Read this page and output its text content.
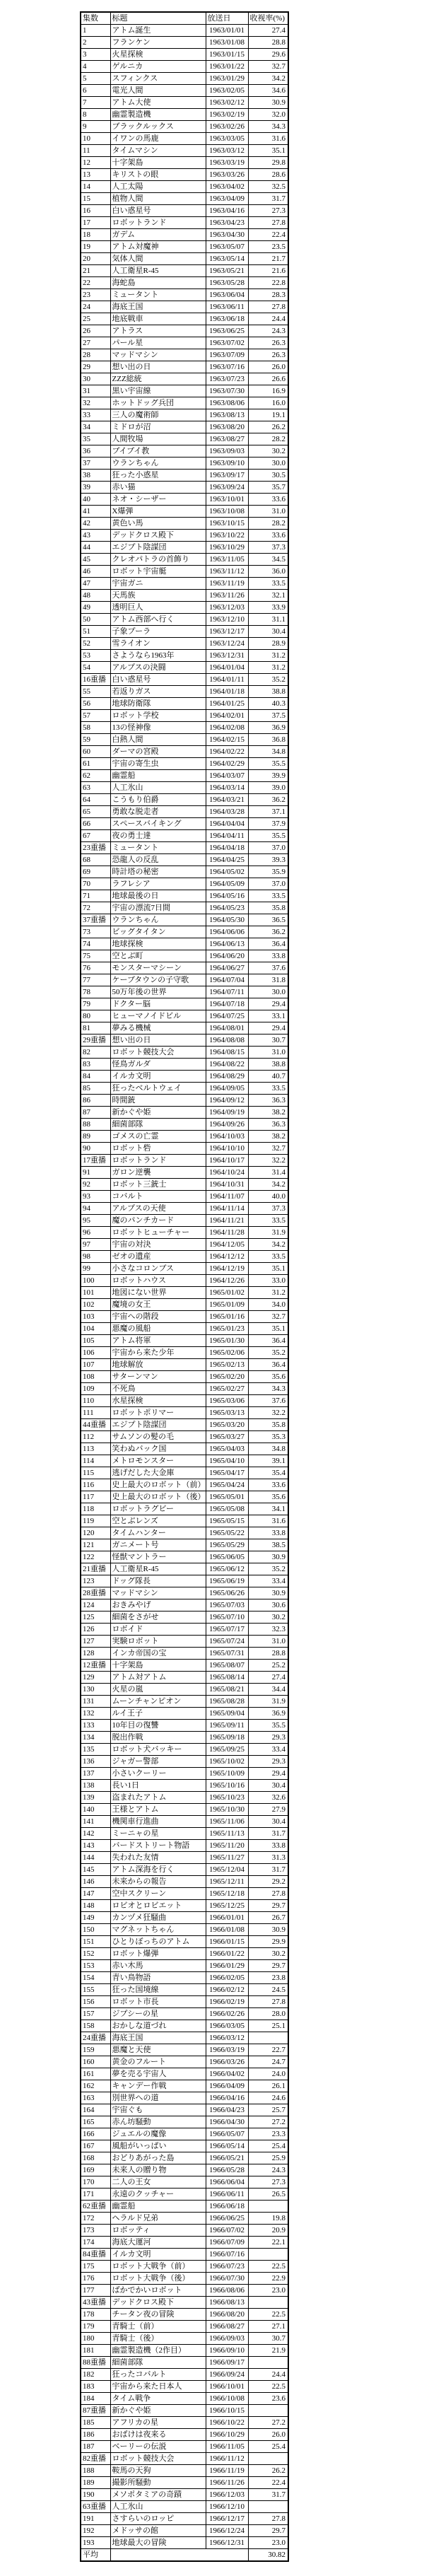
集数	标题	放送日	收视率(%)
1	アトム誕生	1963/01/01	27.4
2	フランケン	1963/01/08	28.8
3	火星探検	1963/01/15	29.6
4	ゲルニカ	1963/01/22	32.7
5	スフィンクス	1963/01/29	34.2
6	電光人間	1963/02/05	34.6
7	アトム大使	1963/02/12	30.9
8	幽霊製造機	1963/02/19	32.0
9	ブラックルックス	1963/02/26	34.3
10	イワンの馬鹿	1963/03/05	31.6
11	タイムマシン	1963/03/12	35.1
12	十字架島	1963/03/19	29.8
13	キリストの眼	1963/03/26	28.6
14	人工太陽	1963/04/02	32.5
15	植物人間	1963/04/09	31.7
16	白い惑星号	1963/04/16	27.3
17	ロボットランド	1963/04/23	27.8
18	ガデム	1963/04/30	22.4
19	アトム対魔神	1963/05/07	23.5
20	気体人間	1963/05/14	21.7
21	人工衛星R-45	1963/05/21	21.6
22	海蛇島	1963/05/28	22.8
23	ミュータント	1963/06/04	28.3
24	海底王国	1963/06/11	27.8
25	地底戦車	1963/06/18	24.4
26	アトラス	1963/06/25	24.3
27	パール星	1963/07/02	26.3
28	マッドマシン	1963/07/09	26.3
29	想い出の日	1963/07/16	26.0
30	ZZZ総統	1963/07/23	26.6
31	黒い宇宙線	1963/07/30	16.9
32	ホットドッグ兵団	1963/08/06	16.0
33	三人の魔術師	1963/08/13	19.1
34	ミドロが沼	1963/08/20	26.2
35	人間牧場	1963/08/27	28.2
36	プイプイ教	1963/09/03	30.2
37	ウランちゃん	1963/09/10	30.0
38	狂った小惑星	1963/09/17	30.5
39	赤い猫	1963/09/24	35.7
40	ネオ・シーザー	1963/10/01	33.6
41	X爆弾	1963/10/08	31.0
42	黄色い馬	1963/10/15	28.2
43	デッドクロス殿下	1963/10/22	33.6
44	エジプト陰謀団	1963/10/29	37.3
45	クレオパトラの首飾り	1963/11/05	34.5
46	ロボット宇宙艇	1963/11/12	36.0
47	宇宙ガニ	1963/11/19	33.5
48	天馬族	1963/11/26	32.1
49	透明巨人	1963/12/03	33.9
50	アトム西部へ行く	1963/12/10	31.1
51	子象プーラ	1963/12/17	30.4
52	雪ライオン	1963/12/24	28.9
53	さようなら1963年	1963/12/31	31.2
54	アルプスの決闘	1964/01/04	31.2
16重播	白い惑星号	1964/01/11	35.2
55	若返りガス	1964/01/18	38.8
56	地球防衛隊	1964/01/25	40.3
57	ロボット学校	1964/02/01	37.5
58	13の怪神像	1964/02/08	36.9
59	白熱人間	1964/02/15	36.8
60	ダーマの宮殿	1964/02/22	34.8
61	宇宙の寄生虫	1964/02/29	35.5
62	幽霊船	1964/03/07	39.9
63	人工氷山	1964/03/14	39.0
64	こうもり伯爵	1964/03/21	36.2
65	勇敢な脱走者	1964/03/28	37.1
66	スペースバイキング	1964/04/04	37.9
67	夜の勇士達	1964/04/11	35.5
23重播	ミュータント	1964/04/18	37.0
68	恐龍人の反乱	1964/04/25	39.3
69	時計塔の秘密	1964/05/02	35.9
70	ラフレシア	1964/05/09	37.0
71	地球最後の日	1964/05/16	33.5
72	宇宙の漂流7日間	1964/05/23	35.8
37重播	ウランちゃん	1964/05/30	36.5
73	ビッグタイタン	1964/06/06	36.2
74	地球探検	1964/06/13	36.4
75	空とぶ町	1964/06/20	33.8
76	モンスターマシーン	1964/06/27	37.6
77	ケープタウンの子守歌	1964/07/04	31.8
78	50万年後の世界	1964/07/11	30.0
79	ドクター脳	1964/07/18	29.4
80	ヒューマノイドビル	1964/07/25	33.1
81	夢みる機械	1964/08/01	29.4
29重播	想い出の日	1964/08/08	30.7
82	ロボット競技大会	1964/08/15	31.0
83	怪鳥ガルダ	1964/08/22	38.8
84	イルカ文明	1964/08/29	40.7
85	狂ったベルトウェイ	1964/09/05	33.5
86	時間銃	1964/09/12	36.3
87	新かぐや姫	1964/09/19	38.2
88	細菌部隊	1964/09/26	36.3
89	ゴメスの亡霊	1964/10/03	38.2
90	ロボット砦	1964/10/10	32.7
17重播	ロボットランド	1964/10/17	32.2
91	ガロン逆襲	1964/10/24	31.4
92	ロボット三銃士	1964/10/31	34.2
93	コバルト	1964/11/07	40.0
94	アルプスの天使	1964/11/14	37.3
95	魔のパンチカード	1964/11/21	33.5
96	ロボットヒューチャー	1964/11/28	31.9
97	宇宙の対決	1964/12/05	34.2
98	ゼオの遺産	1964/12/12	33.5
99	小さなコロンブス	1964/12/19	35.1
100	ロボットハウス	1964/12/26	33.0
101	地図にない世界	1965/01/02	31.2
102	魔境の女王	1965/01/09	34.0
103	宇宙への階段	1965/01/16	32.7
104	悪魔の風船	1965/01/23	35.1
105	アトム将軍	1965/01/30	36.4
106	宇宙から来た少年	1965/02/06	35.2
107	地球解放	1965/02/13	36.4
108	サターンマン	1965/02/20	35.6
109	不死鳥	1965/02/27	34.3
110	水星探検	1965/03/06	37.6
111	ロボットポリマー	1965/03/13	32.2
44重播	エジプト陰謀団	1965/03/20	35.8
112	サムソンの髪の毛	1965/03/27	35.3
113	笑わぬバック国	1965/04/03	34.8
114	メトロモンスター	1965/04/10	39.1
115	逃げだした大金庫	1965/04/17	35.4
116	史上最大のロボット（前）	1965/04/24	33.6
117	史上最大のロボット（後）	1965/05/01	35.6
118	ロボットラグビー	1965/05/08	34.1
119	空とぶレンズ	1965/05/15	31.6
120	タイムハンター	1965/05/22	33.8
121	ガニメート号	1965/05/29	38.5
122	怪獣マントラー	1965/06/05	30.9
21重播	人工衛星R-45	1965/06/12	35.2
123	ドッグ隊長	1965/06/19	33.4
28重播	マッドマシン	1965/06/26	30.9
124	おきみやげ	1965/07/03	30.6
125	細菌をさがせ	1965/07/10	30.2
126	ロボイド	1965/07/17	32.3
127	実験ロボット	1965/07/24	31.0
128	インカ帝国の宝	1965/07/31	28.8
12重播	十字架島	1965/08/07	25.2
129	アトム対アトム	1965/08/14	27.4
130	火星の嵐	1965/08/21	34.4
131	ムーンチャンピオン	1965/08/28	31.9
132	ルイ王子	1965/09/04	36.9
133	10年目の復讐	1965/09/11	35.5
134	脱出作戦	1965/09/18	29.3
135	ロボット犬バッキー	1965/09/25	33.4
136	ジャガー警部	1965/10/02	29.3
137	小さいクーリー	1965/10/09	29.4
138	長い1日	1965/10/16	30.4
139	盗まれたアトム	1965/10/23	32.6
140	王様とアトム	1965/10/30	27.9
141	機関車行進曲	1965/11/06	30.4
142	ミーニャの星	1965/11/13	31.7
143	バードストリート物語	1965/11/20	33.8
144	失われた友情	1965/11/27	31.3
145	アトム深海を行く	1965/12/04	31.7
146	未来からの報告	1965/12/11	29.2
147	空中スクリーン	1965/12/18	27.8
148	ロビオとロビエット	1965/12/25	29.7
149	カンヅメ狂騒曲	1966/01/01	26.7
150	マグネットちゃん	1966/01/08	30.9
151	ひとりぼっちのアトム	1966/01/15	29.9
152	ロボット爆弾	1966/01/22	30.2
153	赤い木馬	1966/01/29	29.7
154	青い鳥物語	1966/02/05	23.8
155	狂った国境線	1966/02/12	24.5
156	ロボット市長	1966/02/19	27.8
157	ジプシーの星	1966/02/26	28.0
158	おかしな道づれ	1966/03/05	25.1
24重播	海底王国	1966/03/12	
159	悪魔と天使	1966/03/19	22.7
160	黄金のフルート	1966/03/26	24.7
161	夢を売る宇宙人	1966/04/02	24.0
162	キャンデー作戦	1966/04/09	26.1
163	別世界への道	1966/04/16	24.6
164	宇宙ぐも	1966/04/23	25.7
165	赤ん坊騒動	1966/04/30	27.2
166	ジュエルの魔像	1966/05/07	23.3
167	風船がいっぱい	1966/05/14	25.4
168	おどりあがった島	1966/05/21	25.9
169	未来人の贈り物	1966/05/28	24.3
170	二人の王女	1966/06/04	27.3
171	永遠のクッチャー	1966/06/11	26.5
62重播	幽霊船	1966/06/18	
172	ヘラルド兄弟	1966/06/25	19.8
173	ロボッティ	1966/07/02	20.9
174	海底大運河	1966/07/09	22.1
84重播	イルカ文明	1966/07/16	
175	ロボット大戦争（前）	1966/07/23	22.5
176	ロボット大戦争（後）	1966/07/30	22.9
177	ばかでかいロボット	1966/08/06	23.0
43重播	デッドクロス殿下	1966/08/13	
178	チータン夜の冒険	1966/08/20	22.5
179	青騎士（前）	1966/08/27	27.1
180	青騎士（後）	1966/09/03	30.7
181	幽霊製造機（2作目）	1966/09/10	21.9
88重播	細菌部隊	1966/09/17	
182	狂ったコバルト	1966/09/24	24.4
183	宇宙から来た日本人	1966/10/01	22.5
184	タイム戦争	1966/10/08	23.6
87重播	新かぐや姫	1966/10/15	
185	アフリカの星	1966/10/22	27.2
186	おばけは夜来る	1966/10/29	26.0
187	ベーリーの伝説	1966/11/05	25.4
82重播	ロボット競技大会	1966/11/12	
188	鞍馬の天狗	1966/11/19	26.2
189	撮影所騒動	1966/11/26	22.4
190	メソポタミアの奇蹟	1966/12/03	31.7
63重播	人工氷山	1966/12/10	
191	さすらいのロッピ	1966/12/17	27.8
192	メドッサの館	1966/12/24	29.7
193	地球最大の冒険	1966/12/31	23.0
平均			30.82
